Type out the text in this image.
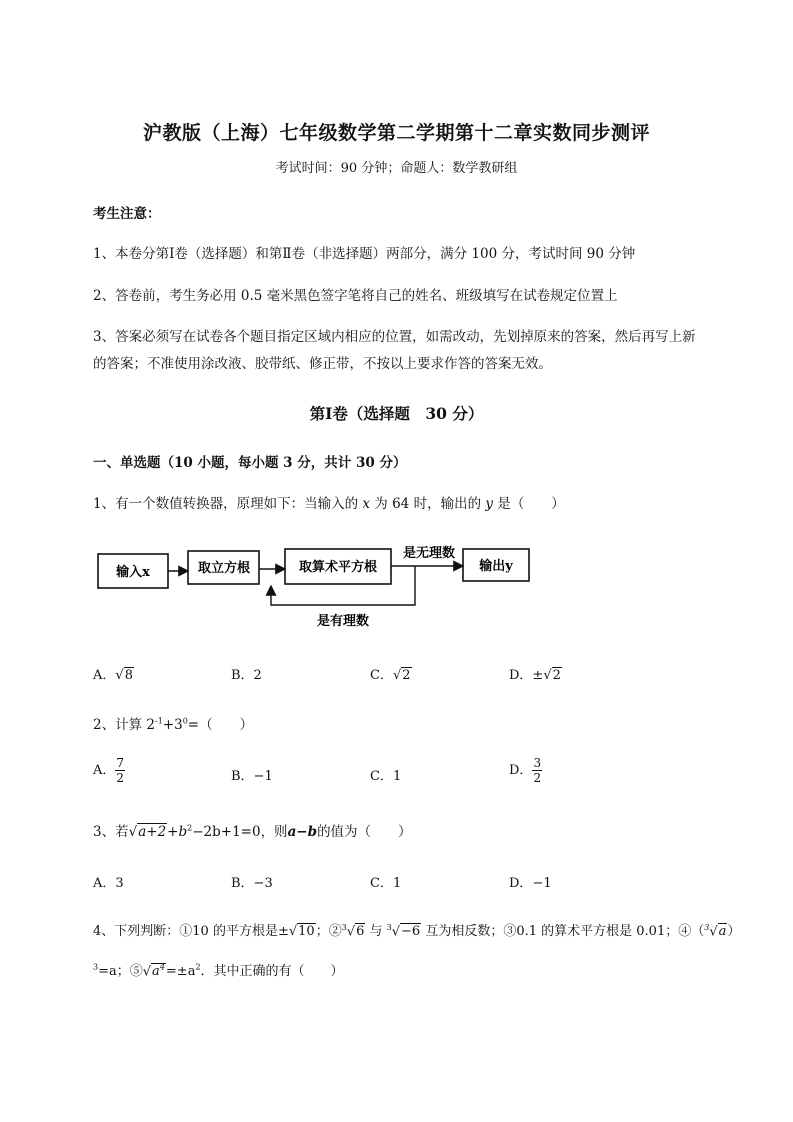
沪教版（上海）七年级数学第二学期第十二章实数同步测评
考试时间：90 分钟；命题人：数学教研组
考生注意：
1、本卷分第Ⅰ卷（选择题）和第Ⅱ卷（非选择题）两部分，满分 100 分，考试时间 90 分钟
2、答卷前，考生务必用 0.5 毫米黑色签字笔将自己的姓名、班级填写在试卷规定位置上
3、答案必须写在试卷各个题目指定区域内相应的位置，如需改动，先划掉原来的答案，然后再写上新
的答案；不准使用涂改液、胶带纸、修正带，不按以上要求作答的答案无效。
第Ⅰ卷（选择题　30 分）
一、单选题（10 小题，每小题 3 分，共计 30 分）
1、有一个数值转换器，原理如下：当输入的 x 为 64 时，输出的 y 是（　　）
输入x	取立方根	取算术平方根
是无理数
输出y
是有理数
A．√8	B．2	C．√2	D．±√2
2、计算 $2^{-1}+3^0=$（　　）
A． $\frac{7}{2}$	B．−1	C．1	D． $\frac{3}{2}$
3、若$√a+2+b^2-2b+1=0$，则a−b的值为（　　）
A．3	B．−3	C．1	D．−1
4、下列判断：①10 的平方根是±√10；②$^3$√6 与 $^3$√−6 互为相反数；③0.1 的算术平方根是 0.01；④（$^3$√a）
$^3$=a；$⑤√a^4=\pm a^2$．其中正确的有（　　）
